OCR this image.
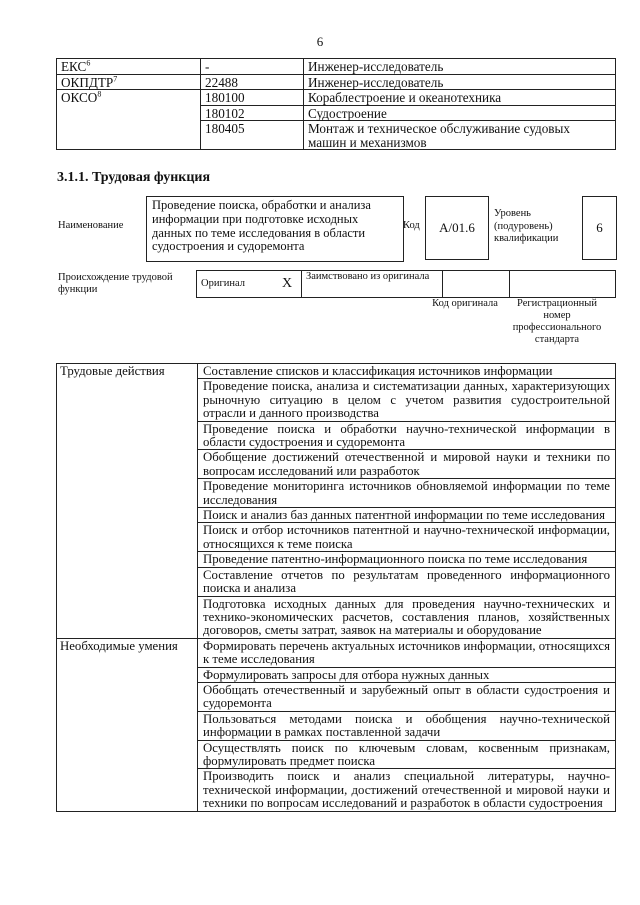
6
ЕКС$^6$	-	Инженер-исследователь
ОКПДТР$^7$	22488	Инженер-исследователь
ОКСО$^8$	180100	Кораблестроение и океанотехника
	180102	Судостроение
	180405	Монтаж и техническое обслуживание судовых машин и механизмов
3.1.1. Трудовая функция
Наименование
Проведение поиска, обработки и анализа информации при подготовке исходных данных по теме исследования в области судостроения и судоремонта
Код	A/01.6
Уровень (подуровень) квалификации
6
Происхождение трудовой функции
Оригинал	X	Заимствовано из оригинала		
Код оригинала	Регистрационный номер профессионального стандарта
Трудовые действия	Составление списков и классификация источников информации
	Проведение поиска, анализа и систематизации данных, характеризующих рыночную ситуацию в целом с учетом развития судостроительной отрасли и данного производства
	Проведение поиска и обработки научно-технической информации в области судостроения и судоремонта
	Обобщение достижений отечественной и мировой науки и техники по вопросам исследований или разработок
	Проведение мониторинга источников обновляемой информации по теме исследования
	Поиск и анализ баз данных патентной информации по теме исследования
	Поиск и отбор источников патентной и научно-технической информации, относящихся к теме поиска
	Проведение патентно-информационного поиска по теме исследования
	Составление отчетов по результатам проведенного информационного поиска и анализа
	Подготовка исходных данных для проведения научно-технических и технико-экономических расчетов, составления планов, хозяйственных договоров, сметы затрат, заявок на материалы и оборудование
Необходимые умения	Формировать перечень актуальных источников информации, относящихся к теме исследования
	Формулировать запросы для отбора нужных данных
	Обобщать отечественный и зарубежный опыт в области судостроения и судоремонта
	Пользоваться методами поиска и обобщения научно-технической информации в рамках поставленной задачи
	Осуществлять поиск по ключевым словам, косвенным признакам, формулировать предмет поиска
	Производить поиск и анализ специальной литературы, научно-технической информации, достижений отечественной и мировой науки и техники по вопросам исследований и разработок в области судостроения
